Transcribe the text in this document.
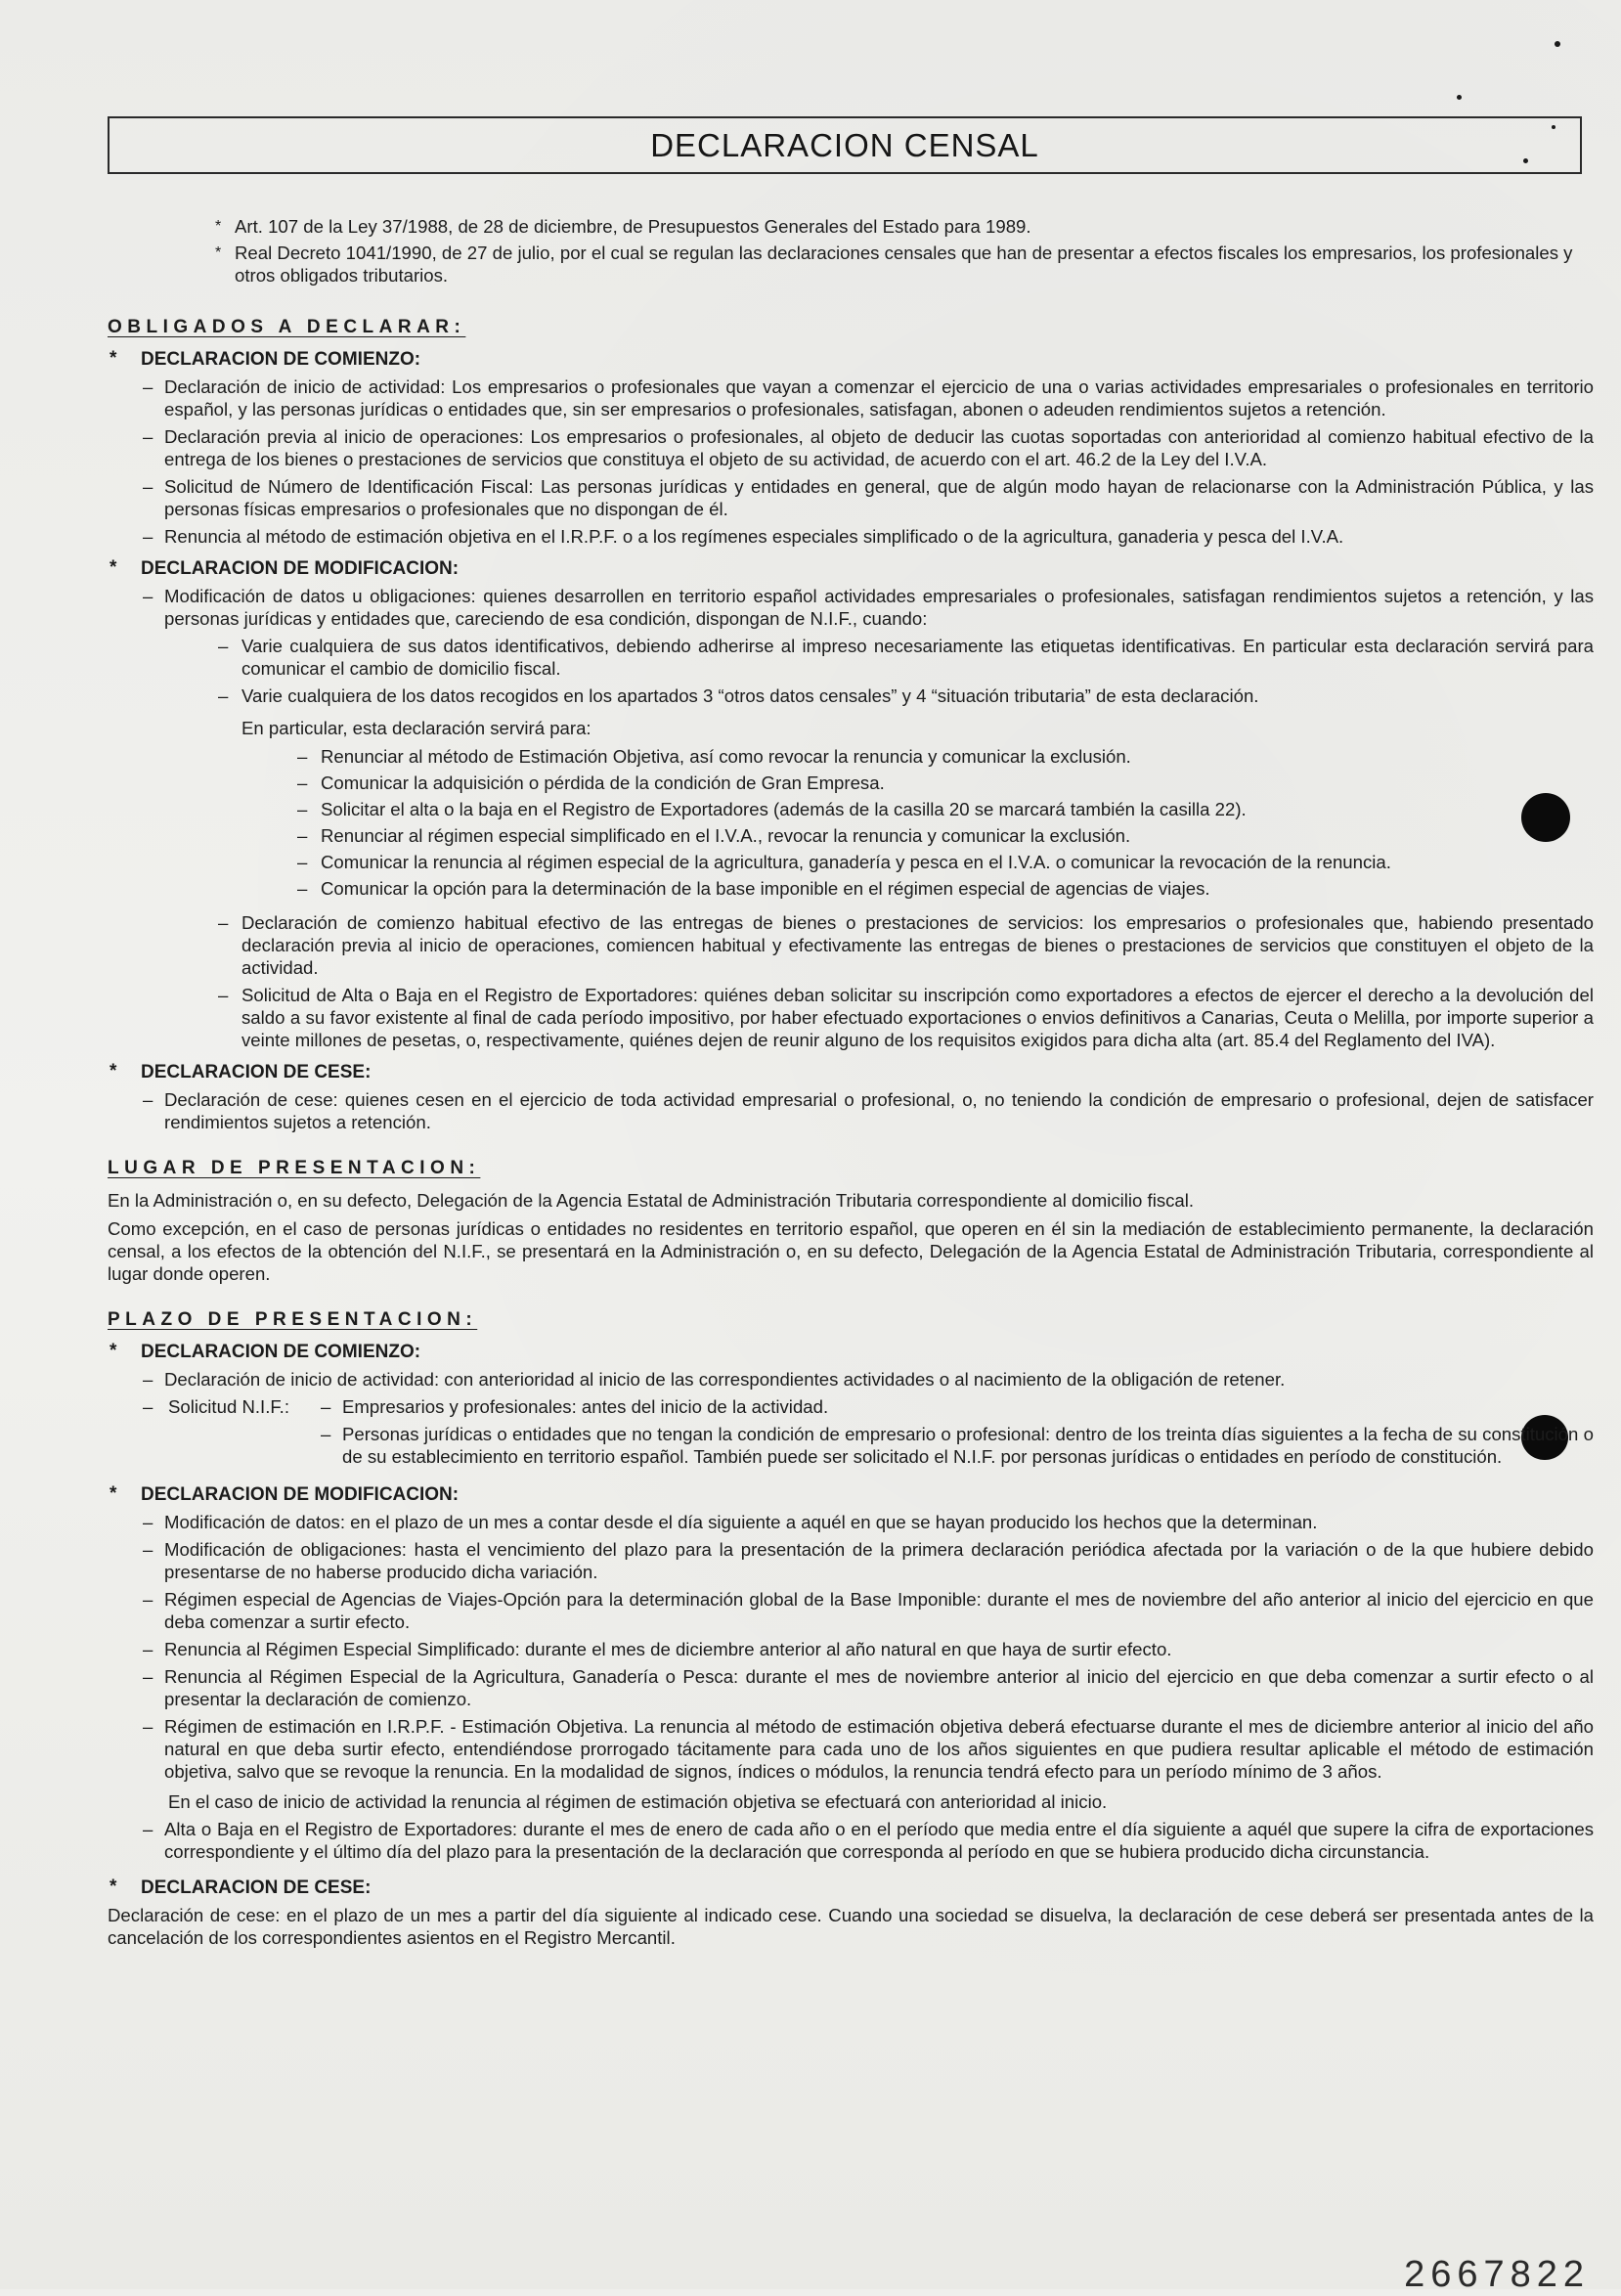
DECLARACION CENSAL
* Art. 107 de la Ley 37/1988, de 28 de diciembre, de Presupuestos Generales del Estado para 1989.
* Real Decreto 1041/1990, de 27 de julio, por el cual se regulan las declaraciones censales que han de presentar a efectos fiscales los empresarios, los profesionales y otros obligados tributarios.
OBLIGADOS A DECLARAR:
* DECLARACION DE COMIENZO:
– Declaración de inicio de actividad: Los empresarios o profesionales que vayan a comenzar el ejercicio de una o varias actividades empresariales o profesionales en territorio español, y las personas jurídicas o entidades que, sin ser empresarios o profesionales, satisfagan, abonen o adeuden rendimientos sujetos a retención.
– Declaración previa al inicio de operaciones: Los empresarios o profesionales, al objeto de deducir las cuotas soportadas con anterioridad al comienzo habitual efectivo de la entrega de los bienes o prestaciones de servicios que constituya el objeto de su actividad, de acuerdo con el art. 46.2 de la Ley del I.V.A.
– Solicitud de Número de Identificación Fiscal: Las personas jurídicas y entidades en general, que de algún modo hayan de relacionarse con la Administración Pública, y las personas físicas empresarios o profesionales que no dispongan de él.
– Renuncia al método de estimación objetiva en el I.R.P.F. o a los regímenes especiales simplificado o de la agricultura, ganaderia y pesca del I.V.A.
* DECLARACION DE MODIFICACION:
– Modificación de datos u obligaciones: quienes desarrollen en territorio español actividades empresariales o profesionales, satisfagan rendimientos sujetos a retención, y las personas jurídicas y entidades que, careciendo de esa condición, dispongan de N.I.F., cuando:
– Varie cualquiera de sus datos identificativos, debiendo adherirse al impreso necesariamente las etiquetas identificativas. En particular esta declaración servirá para comunicar el cambio de domicilio fiscal.
– Varie cualquiera de los datos recogidos en los apartados 3 “otros datos censales” y 4 “situación tributaria” de esta declaración.
En particular, esta declaración servirá para:
– Renunciar al método de Estimación Objetiva, así como revocar la renuncia y comunicar la exclusión.
– Comunicar la adquisición o pérdida de la condición de Gran Empresa.
– Solicitar el alta o la baja en el Registro de Exportadores (además de la casilla 20 se marcará también la casilla 22).
– Renunciar al régimen especial simplificado en el I.V.A., revocar la renuncia y comunicar la exclusión.
– Comunicar la renuncia al régimen especial de la agricultura, ganadería y pesca en el I.V.A. o comunicar la revocación de la renuncia.
– Comunicar la opción para la determinación de la base imponible en el régimen especial de agencias de viajes.
– Declaración de comienzo habitual efectivo de las entregas de bienes o prestaciones de servicios: los empresarios o profesionales que, habiendo presentado declaración previa al inicio de operaciones, comiencen habitual y efectivamente las entregas de bienes o prestaciones de servicios que constituyen el objeto de la actividad.
– Solicitud de Alta o Baja en el Registro de Exportadores: quiénes deban solicitar su inscripción como exportadores a efectos de ejercer el derecho a la devolución del saldo a su favor existente al final de cada período impositivo, por haber efectuado exportaciones o envios definitivos a Canarias, Ceuta o Melilla, por importe superior a veinte millones de pesetas, o, respectivamente, quiénes dejen de reunir alguno de los requisitos exigidos para dicha alta (art. 85.4 del Reglamento del IVA).
* DECLARACION DE CESE:
– Declaración de cese: quienes cesen en el ejercicio de toda actividad empresarial o profesional, o, no teniendo la condición de empresario o profesional, dejen de satisfacer rendimientos sujetos a retención.
LUGAR DE PRESENTACION:
En la Administración o, en su defecto, Delegación de la Agencia Estatal de Administración Tributaria correspondiente al domicilio fiscal.
Como excepción, en el caso de personas jurídicas o entidades no residentes en territorio español, que operen en él sin la mediación de establecimiento permanente, la declaración censal, a los efectos de la obtención del N.I.F., se presentará en la Administración o, en su defecto, Delegación de la Agencia Estatal de Administración Tributaria, correspondiente al lugar donde operen.
PLAZO DE PRESENTACION:
* DECLARACION DE COMIENZO:
– Declaración de inicio de actividad: con anterioridad al inicio de las correspondientes actividades o al nacimiento de la obligación de retener.
– Solicitud N.I.F.: – Empresarios y profesionales: antes del inicio de la actividad.
– Personas jurídicas o entidades que no tengan la condición de empresario o profesional: dentro de los treinta días siguientes a la fecha de su constitución o de su establecimiento en territorio español. También puede ser solicitado el N.I.F. por personas jurídicas o entidades en período de constitución.
* DECLARACION DE MODIFICACION:
– Modificación de datos: en el plazo de un mes a contar desde el día siguiente a aquél en que se hayan producido los hechos que la determinan.
– Modificación de obligaciones: hasta el vencimiento del plazo para la presentación de la primera declaración periódica afectada por la variación o de la que hubiere debido presentarse de no haberse producido dicha variación.
– Régimen especial de Agencias de Viajes-Opción para la determinación global de la Base Imponible: durante el mes de noviembre del año anterior al inicio del ejercicio en que deba comenzar a surtir efecto.
– Renuncia al Régimen Especial Simplificado: durante el mes de diciembre anterior al año natural en que haya de surtir efecto.
– Renuncia al Régimen Especial de la Agricultura, Ganadería o Pesca: durante el mes de noviembre anterior al inicio del ejercicio en que deba comenzar a surtir efecto o al presentar la declaración de comienzo.
– Régimen de estimación en I.R.P.F. - Estimación Objetiva. La renuncia al método de estimación objetiva deberá efectuarse durante el mes de diciembre anterior al inicio del año natural en que deba surtir efecto, entendiéndose prorrogado tácitamente para cada uno de los años siguientes en que pudiera resultar aplicable el método de estimación objetiva, salvo que se revoque la renuncia. En la modalidad de signos, índices o módulos, la renuncia tendrá efecto para un período mínimo de 3 años.
En el caso de inicio de actividad la renuncia al régimen de estimación objetiva se efectuará con anterioridad al inicio.
– Alta o Baja en el Registro de Exportadores: durante el mes de enero de cada año o en el período que media entre el día siguiente a aquél que supere la cifra de exportaciones correspondiente y el último día del plazo para la presentación de la declaración que corresponda al período en que se hubiera producido dicha circunstancia.
* DECLARACION DE CESE:
Declaración de cese: en el plazo de un mes a partir del día siguiente al indicado cese. Cuando una sociedad se disuelva, la declaración de cese deberá ser presentada antes de la cancelación de los correspondientes asientos en el Registro Mercantil.
2667822
